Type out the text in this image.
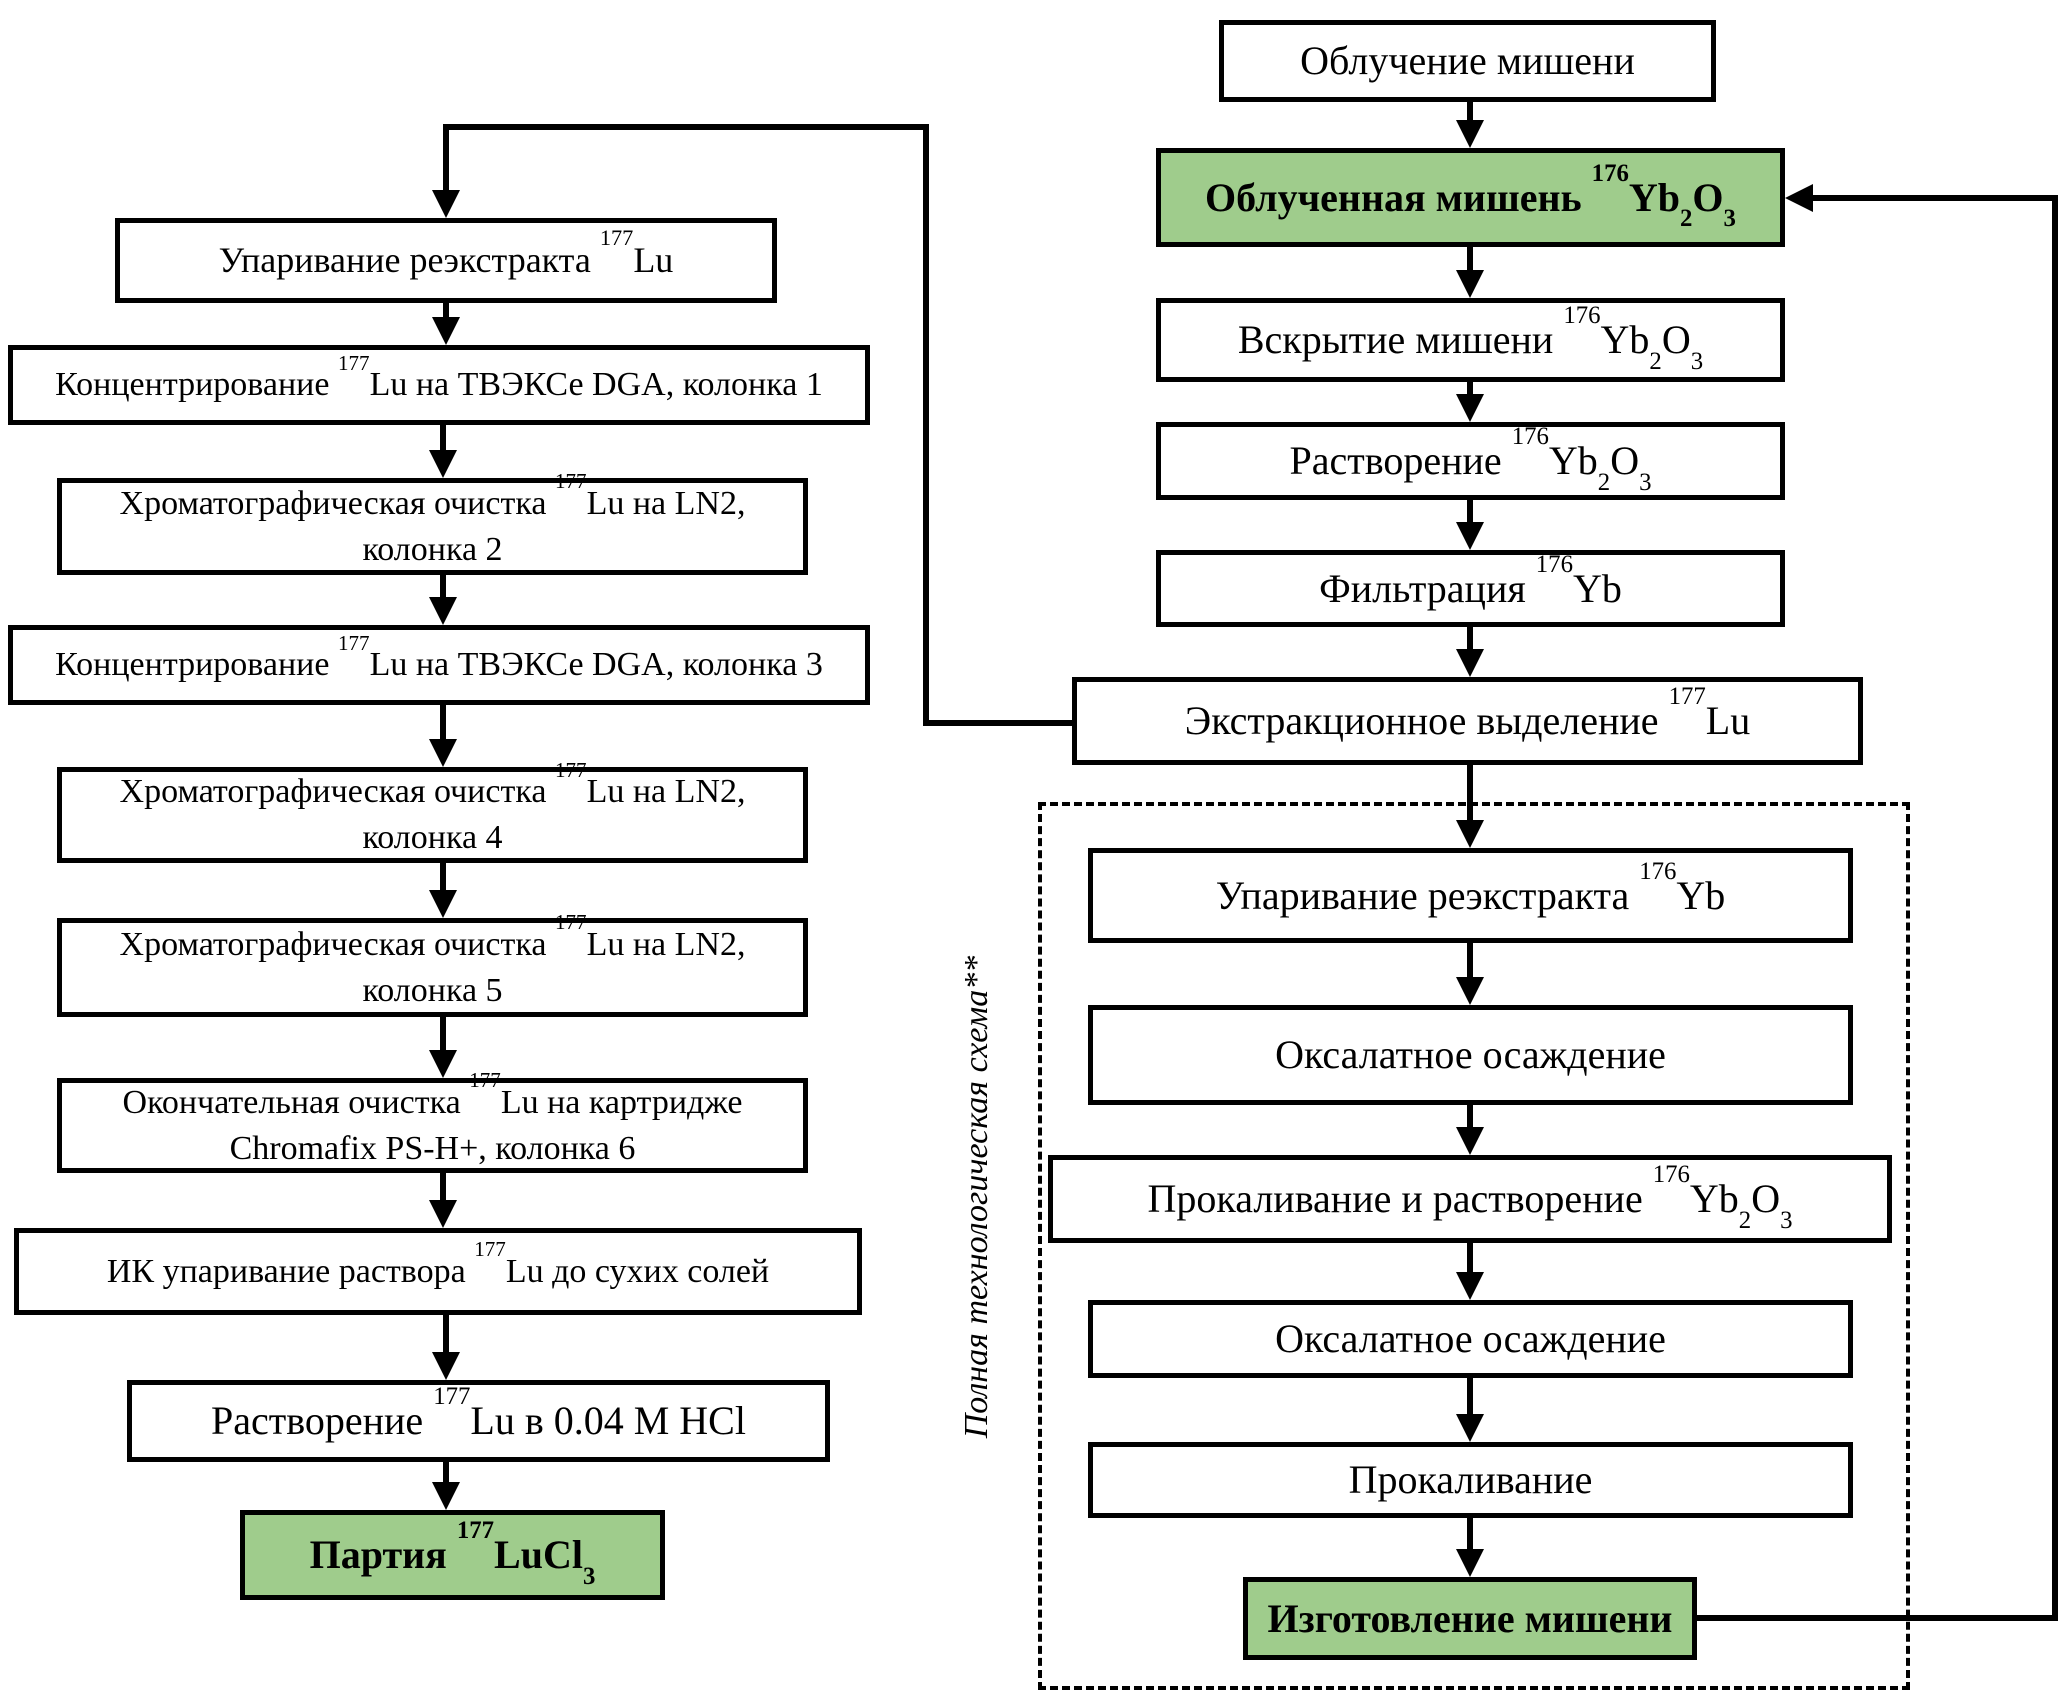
Полная технологическая схема**
Упаривание реэкстракта $^{177}$Lu
Концентрирование $^{177}$Lu на ТВЭКСе DGA, колонка 1
Хроматографическая очистка $^{177}$Lu на LN2,
колонка 2
Концентрирование $^{177}$Lu на ТВЭКСе DGA, колонка 3
Хроматографическая очистка $^{177}$Lu на LN2,
колонка 4
Хроматографическая очистка $^{177}$Lu на LN2,
колонка 5
Окончательная очистка $^{177}$Lu на картридже
Chromafix PS-H+, колонка 6
ИК упаривание раствора $^{177}$Lu до сухих солей
Растворение $^{177}$Lu в 0.04 М HCl
Партия $^{177}$LuCl$_3$
Облучение мишени
Облученная мишень $^{176}Yb_2O_3$
Вскрытие мишени $^{176}Yb_2O_3$
Растворение $^{176}Yb_2O_3$
Фильтрация $^{176}$Yb
Экстракционное выделение $^{177}$Lu
Упаривание реэкстракта $^{176}$Yb
Оксалатное осаждение
Прокаливание и растворение $^{176}Yb_2O_3$
Оксалатное осаждение
Прокаливание
Изготовление мишени
